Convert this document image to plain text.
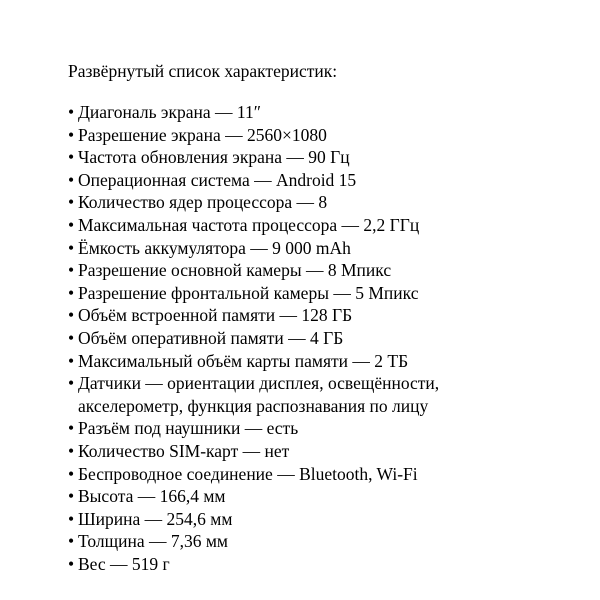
Развёрнутый список характеристик:
• Диагональ экрана — 11″
• Разрешение экрана — 2560×1080
• Частота обновления экрана — 90 Гц
• Операционная система — Android 15
• Количество ядер процессора — 8
• Максимальная частота процессора — 2,2 ГГц
• Ёмкость аккумулятора — 9 000 mAh
• Разрешение основной камеры — 8 Мпикс
• Разрешение фронтальной камеры — 5 Мпикс
• Объём встроенной памяти — 128 ГБ
• Объём оперативной памяти — 4 ГБ
• Максимальный объём карты памяти — 2 ТБ
• Датчики — ориентации дисплея, освещённости, акселерометр, функция распознавания по лицу
• Разъём под наушники — есть
• Количество SIM-карт — нет
• Беспроводное соединение — Bluetooth, Wi-Fi
• Высота — 166,4 мм
• Ширина — 254,6 мм
• Толщина — 7,36 мм
• Вес — 519 г
